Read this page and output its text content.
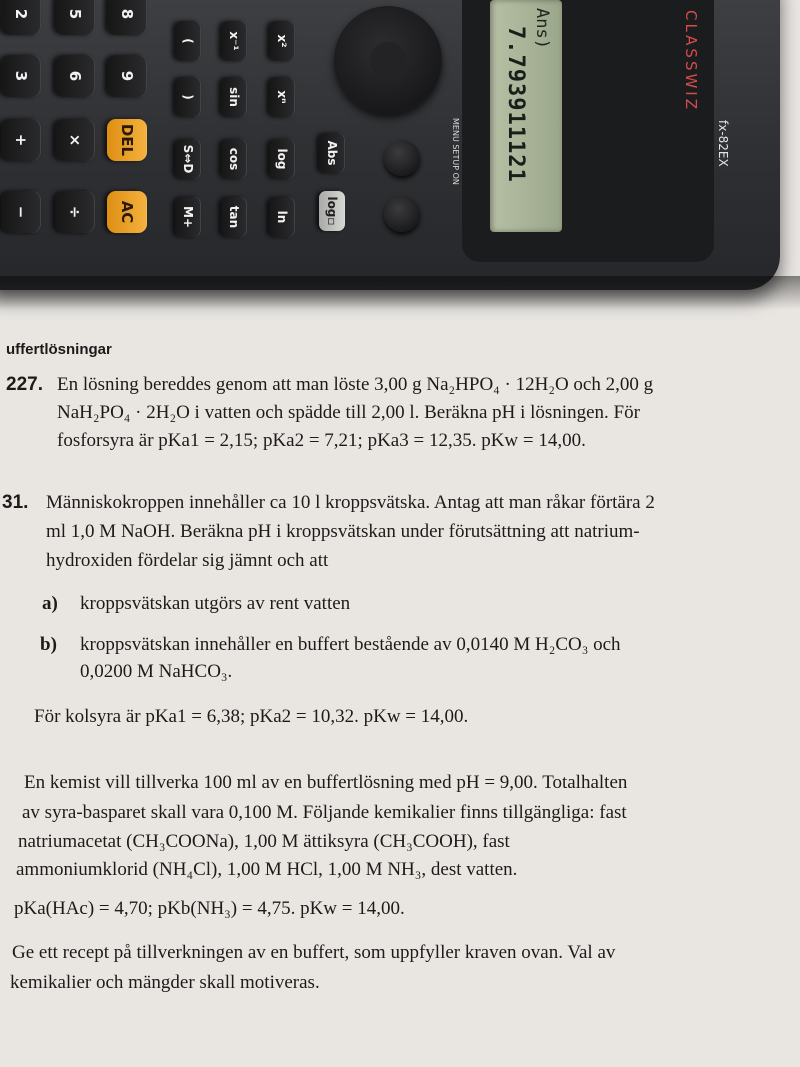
2	5	8
3	6	9
+	×	DEL
−	÷	AC
(
)
S⇔D
M+
x⁻¹
sin
cos
tan
x²
xⁿ
log
ln
Abs
log▫
MENU SETUP ON
Ans)
7.793911121	CLASSWIZ
fx-82EX
uffertlösningar
227. En lösning bereddes genom att man löste 3,00 g Na₂HPO₄ · 12H₂O och 2,00 g
NaH₂PO₄ · 2H₂O i vatten och spädde till 2,00 l. Beräkna pH i lösningen. För
fosforsyra är pKa1 = 2,15; pKa2 = 7,21; pKa3 = 12,35. pKw = 14,00.
31. Människokroppen innehåller ca 10 l kroppsvätska. Antag att man råkar förtära 2
ml 1,0 M NaOH. Beräkna pH i kroppsvätskan under förutsättning att natrium-
hydroxiden fördelar sig jämnt och att
a) kroppsvätskan utgörs av rent vatten
b) kroppsvätskan innehåller en buffert bestående av 0,0140 M H₂CO₃ och
0,0200 M NaHCO₃.
För kolsyra är pKa1 = 6,38; pKa2 = 10,32. pKw = 14,00.
En kemist vill tillverka 100 ml av en buffertlösning med pH = 9,00. Totalhalten
av syra-basparet skall vara 0,100 M. Följande kemikalier finns tillgängliga: fast
natriumacetat (CH₃COONa), 1,00 M ättiksyra (CH₃COOH), fast
ammoniumklorid (NH₄Cl), 1,00 M HCl, 1,00 M NH₃, dest vatten.
pKa(HAc) = 4,70; pKb(NH₃) = 4,75. pKw = 14,00.
Ge ett recept på tillverkningen av en buffert, som uppfyller kraven ovan. Val av
kemikalier och mängder skall motiveras.
